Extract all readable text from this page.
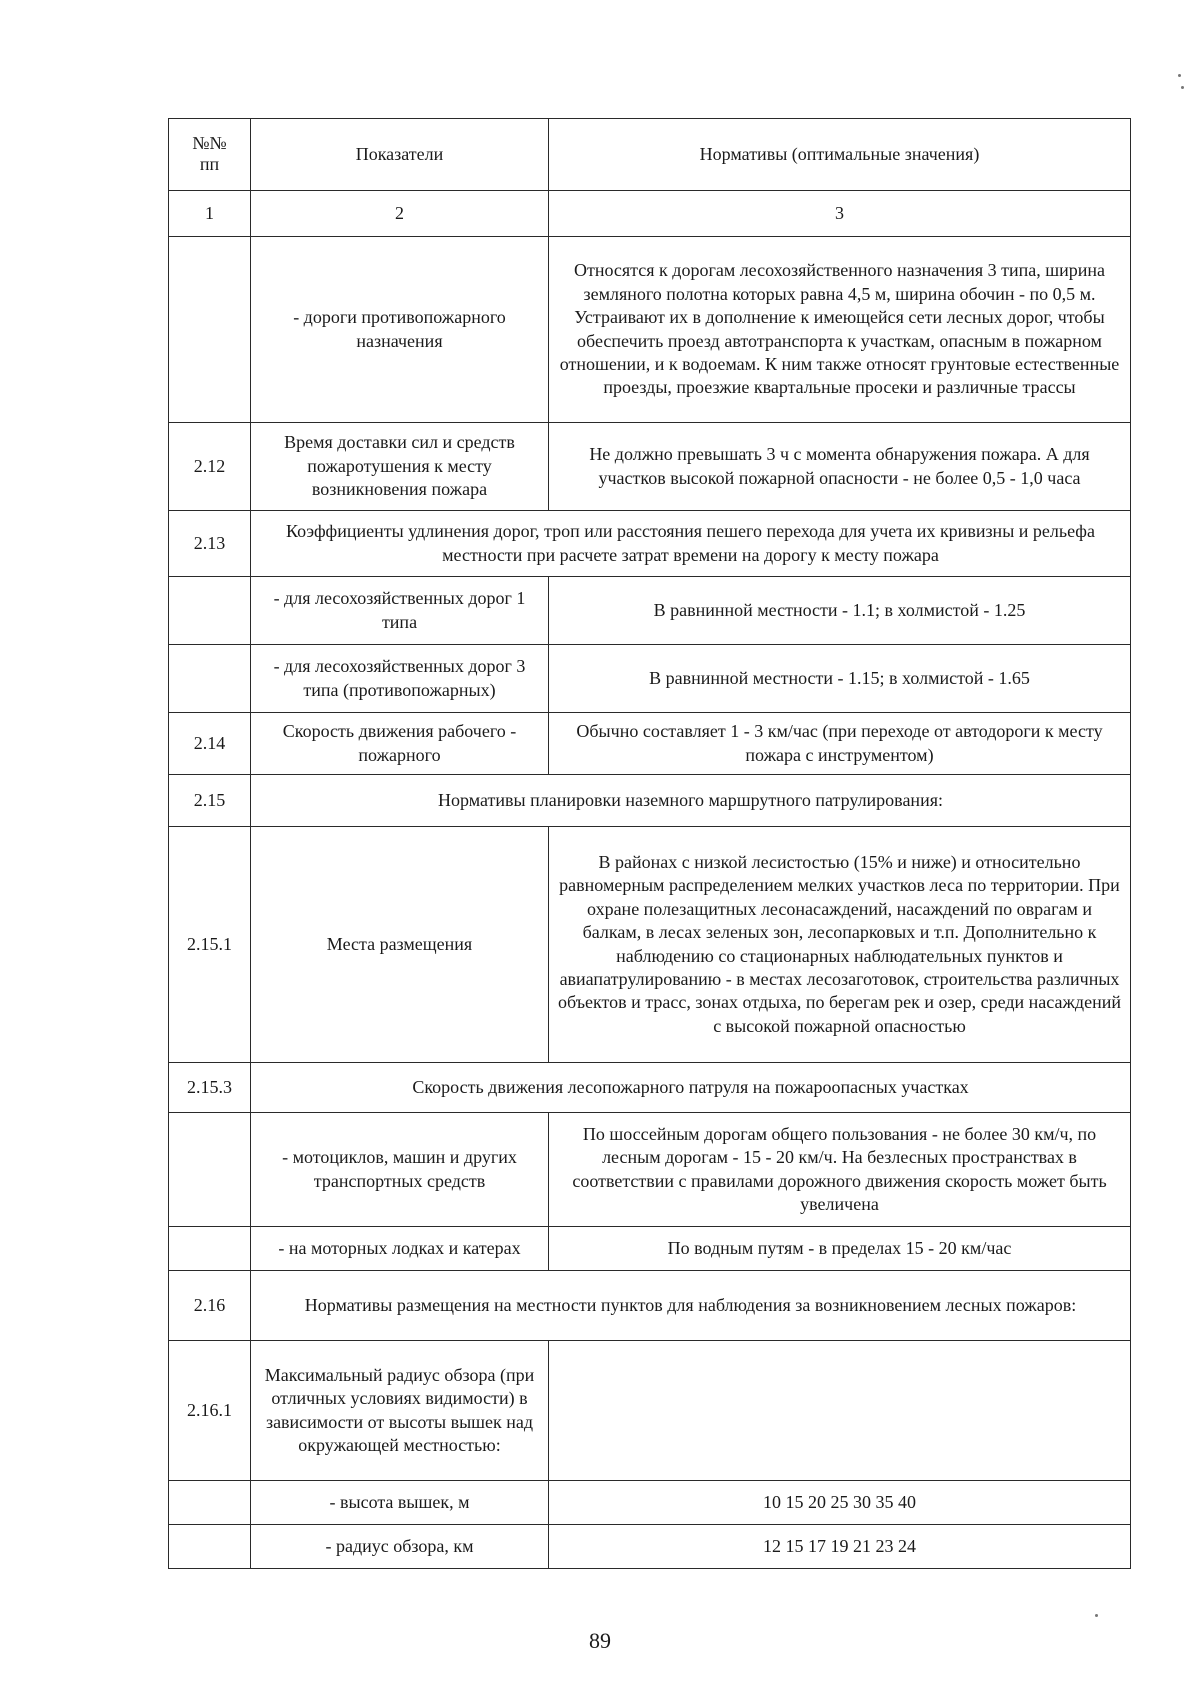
№№
пп	Показатели	Нормативы (оптимальные значения)
1	2	3
	- дороги противопожарного назначения	Относятся к дорогам лесохозяйственного назначения 3 типа, ширина земляного полотна которых равна 4,5 м, ширина обочин - по 0,5 м. Устраивают их в дополнение к имеющейся сети лесных дорог, чтобы обеспечить проезд автотранспорта к участкам, опасным в пожарном отношении, и к водоемам. К ним также относят грунтовые естественные проезды, проезжие квартальные просеки и различные трассы
2.12	Время доставки сил и средств пожаротушения к месту возникновения пожара	Не должно превышать 3 ч с момента обнаружения пожара. А для участков высокой пожарной опасности - не более 0,5 - 1,0 часа
2.13	Коэффициенты удлинения дорог, троп или расстояния пешего перехода для учета их кривизны и рельефа местности при расчете затрат времени на дорогу к месту пожара	
	- для лесохозяйственных дорог 1 типа	В равнинной местности - 1.1; в холмистой - 1.25
	- для лесохозяйственных дорог 3 типа (противопожарных)	В равнинной местности - 1.15; в холмистой - 1.65
2.14	Скорость движения рабочего - пожарного	Обычно составляет 1 - 3 км/час (при переходе от автодороги к месту пожара с инструментом)
2.15	Нормативы планировки наземного маршрутного патрулирования:	
2.15.1	Места размещения	В районах с низкой лесистостью (15% и ниже) и относительно равномерным распределением мелких участков леса по территории. При охране полезащитных лесонасаждений, насаждений по оврагам и балкам, в лесах зеленых зон, лесопарковых и т.п. Дополнительно к наблюдению со стационарных наблюдательных пунктов и авиапатрулированию - в местах лесозаготовок, строительства различных объектов и трасс, зонах отдыха, по берегам рек и озер, среди насаждений с высокой пожарной опасностью
2.15.3	Скорость движения лесопожарного патруля на пожароопасных участках	
	- мотоциклов, машин и других транспортных средств	По шоссейным дорогам общего пользования - не более 30 км/ч, по лесным дорогам - 15 - 20 км/ч. На безлесных пространствах в соответствии с правилами дорожного движения скорость может быть увеличена
	- на моторных лодках и катерах	По водным путям - в пределах 15 - 20 км/час
2.16	Нормативы размещения на местности пунктов для наблюдения за возникновением лесных пожаров:	
2.16.1	Максимальный радиус обзора (при отличных условиях видимости) в зависимости от высоты вышек над окружающей местностью:	
	- высота вышек, м	10 15 20 25 30 35 40
	- радиус обзора, км	12 15 17 19 21 23 24
89
